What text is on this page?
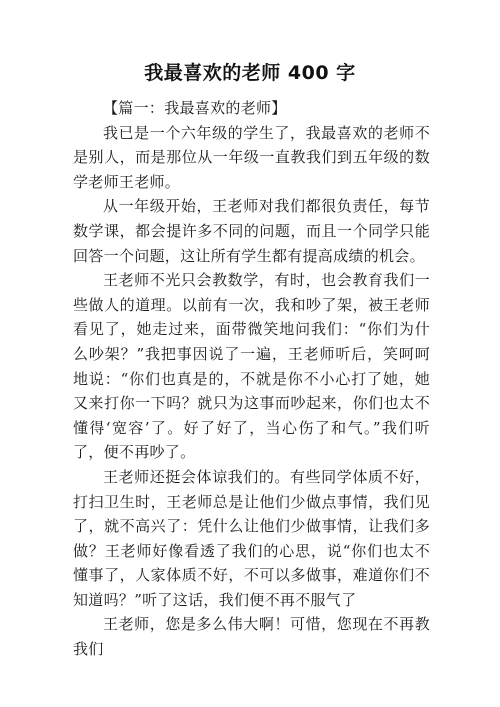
我最喜欢的老师 400 字

【篇一：我最喜欢的老师】

我已是一个六年级的学生了，我最喜欢的老师不是别人，而是那位从一年级一直教我们到五年级的数学老师王老师。

从一年级开始，王老师对我们都很负责任，每节数学课，都会提许多不同的问题，而且一个同学只能回答一个问题，这让所有学生都有提高成绩的机会。

王老师不光只会教数学，有时，也会教育我们一些做人的道理。以前有一次，我和吵了架，被王老师看见了，她走过来，面带微笑地问我们：“你们为什么吵架？”我把事因说了一遍，王老师听后，笑呵呵地说：“你们也真是的，不就是你不小心打了她，她又来打你一下吗？就只为这事而吵起来，你们也太不懂得‘宽容’了。好了好了，当心伤了和气。”我们听了，便不再吵了。

王老师还挺会体谅我们的。有些同学体质不好，打扫卫生时，王老师总是让他们少做点事情，我们见了，就不高兴了：凭什么让他们少做事情，让我们多做？王老师好像看透了我们的心思，说“你们也太不懂事了，人家体质不好，不可以多做事，难道你们不知道吗？”听了这话，我们便不再不服气了

王老师，您是多么伟大啊！可惜，您现在不再教我们
